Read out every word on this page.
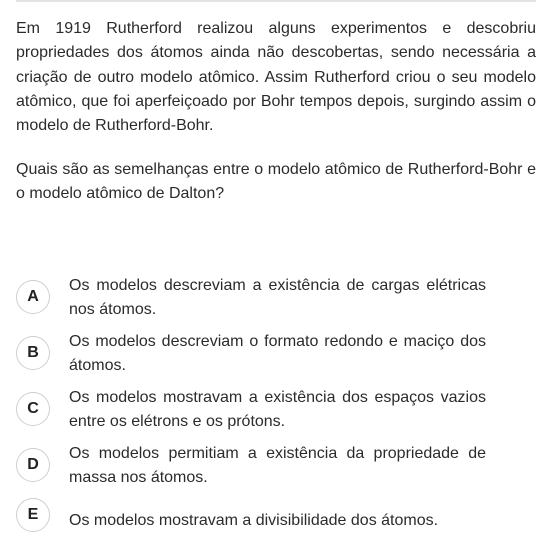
Em 1919 Rutherford realizou alguns experimentos e descobriu propriedades dos átomos ainda não descobertas, sendo necessária a criação de outro modelo atômico. Assim Rutherford criou o seu modelo atômico, que foi aperfeiçoado por Bohr tempos depois, surgindo assim o modelo de Rutherford-Bohr.

Quais são as semelhanças entre o modelo atômico de Rutherford-Bohr e o modelo atômico de Dalton?

A
Os modelos descreviam a existência de cargas elétricas nos átomos.
B
Os modelos descreviam o formato redondo e maciço dos átomos.
C
Os modelos mostravam a existência dos espaços vazios entre os elétrons e os prótons.
D
Os modelos permitiam a existência da propriedade de massa nos átomos.
E	Os modelos mostravam a divisibilidade dos átomos.
